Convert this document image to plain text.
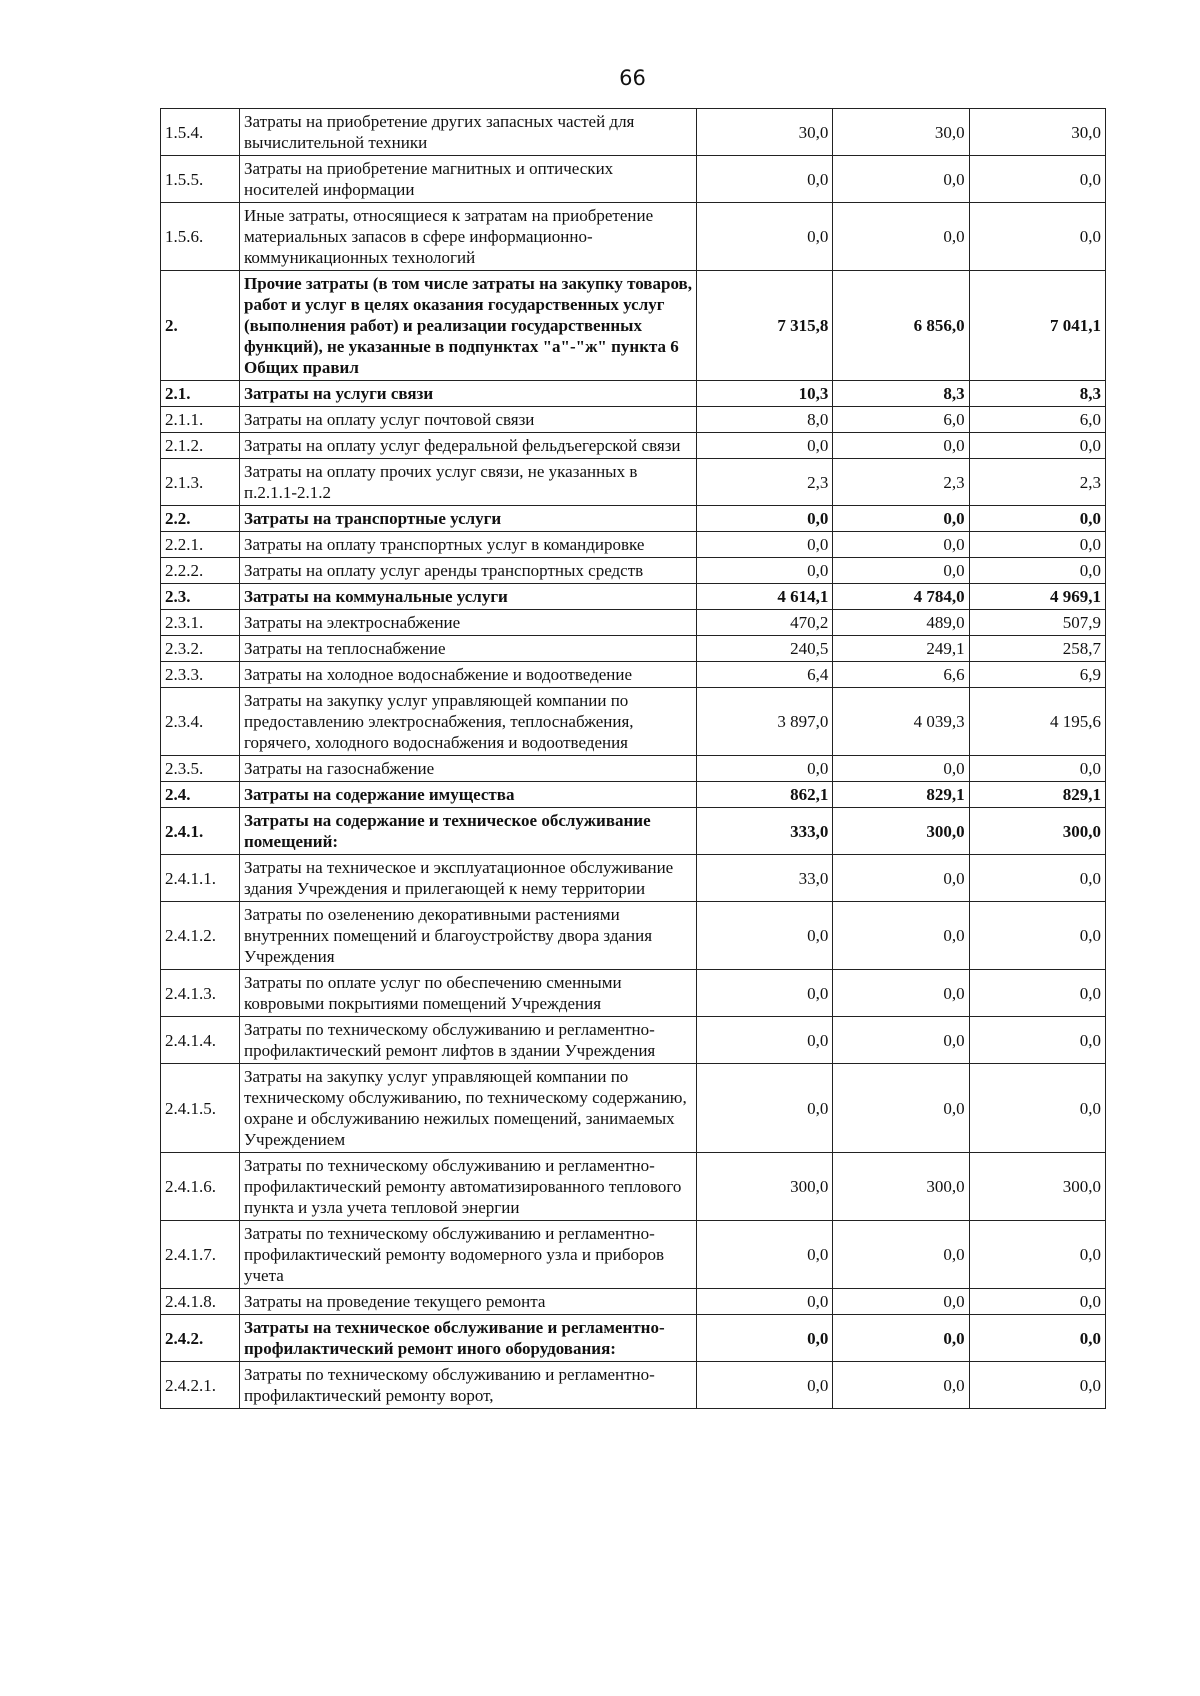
66
1.5.4.	Затраты на приобретение других запасных частей для вычислительной техники	30,0	30,0	30,0
1.5.5.	Затраты на приобретение магнитных и оптических носителей информации	0,0	0,0	0,0
1.5.6.	Иные затраты, относящиеся к затратам на приобретение материальных запасов в сфере информационно-коммуникационных технологий	0,0	0,0	0,0
2.	Прочие затраты (в том числе затраты на закупку товаров, работ и услуг в целях оказания государственных услуг (выполнения работ) и реализации государственных функций), не указанные в подпунктах "а"-"ж" пункта 6 Общих правил	7 315,8	6 856,0	7 041,1
2.1.	Затраты на услуги связи	10,3	8,3	8,3
2.1.1.	Затраты на оплату услуг почтовой связи	8,0	6,0	6,0
2.1.2.	Затраты на оплату услуг федеральной фельдъегерской связи	0,0	0,0	0,0
2.1.3.	Затраты на оплату прочих услуг связи, не указанных в п.2.1.1-2.1.2	2,3	2,3	2,3
2.2.	Затраты на транспортные услуги	0,0	0,0	0,0
2.2.1.	Затраты на оплату транспортных услуг в командировке	0,0	0,0	0,0
2.2.2.	Затраты на оплату услуг аренды транспортных средств	0,0	0,0	0,0
2.3.	Затраты на коммунальные услуги	4 614,1	4 784,0	4 969,1
2.3.1.	Затраты на электроснабжение	470,2	489,0	507,9
2.3.2.	Затраты на теплоснабжение	240,5	249,1	258,7
2.3.3.	Затраты на холодное водоснабжение и водоотведение	6,4	6,6	6,9
2.3.4.	Затраты на закупку услуг управляющей компании по предоставлению электроснабжения, теплоснабжения, горячего, холодного водоснабжения и водоотведения	3 897,0	4 039,3	4 195,6
2.3.5.	Затраты на газоснабжение	0,0	0,0	0,0
2.4.	Затраты на содержание имущества	862,1	829,1	829,1
2.4.1.	Затраты на содержание и техническое обслуживание помещений:	333,0	300,0	300,0
2.4.1.1.	Затраты на техническое и эксплуатационное обслуживание здания Учреждения и прилегающей к нему территории	33,0	0,0	0,0
2.4.1.2.	Затраты по озеленению декоративными растениями внутренних помещений и благоустройству двора здания Учреждения	0,0	0,0	0,0
2.4.1.3.	Затраты по оплате услуг по обеспечению сменными ковровыми покрытиями помещений Учреждения	0,0	0,0	0,0
2.4.1.4.	Затраты по техническому обслуживанию и регламентно-профилактический ремонт лифтов в здании Учреждения	0,0	0,0	0,0
2.4.1.5.	Затраты на закупку услуг управляющей компании по техническому обслуживанию, по техническому содержанию, охране и обслуживанию нежилых помещений, занимаемых Учреждением	0,0	0,0	0,0
2.4.1.6.	Затраты по техническому обслуживанию и регламентно-профилактический ремонту автоматизированного теплового пункта и узла учета тепловой энергии	300,0	300,0	300,0
2.4.1.7.	Затраты по техническому обслуживанию и регламентно-профилактический ремонту водомерного узла и приборов учета	0,0	0,0	0,0
2.4.1.8.	Затраты на проведение текущего ремонта	0,0	0,0	0,0
2.4.2.	Затраты на техническое обслуживание и регламентно-профилактический ремонт иного оборудования:	0,0	0,0	0,0
2.4.2.1.	Затраты по техническому обслуживанию и регламентно-профилактический ремонту ворот,	0,0	0,0	0,0
